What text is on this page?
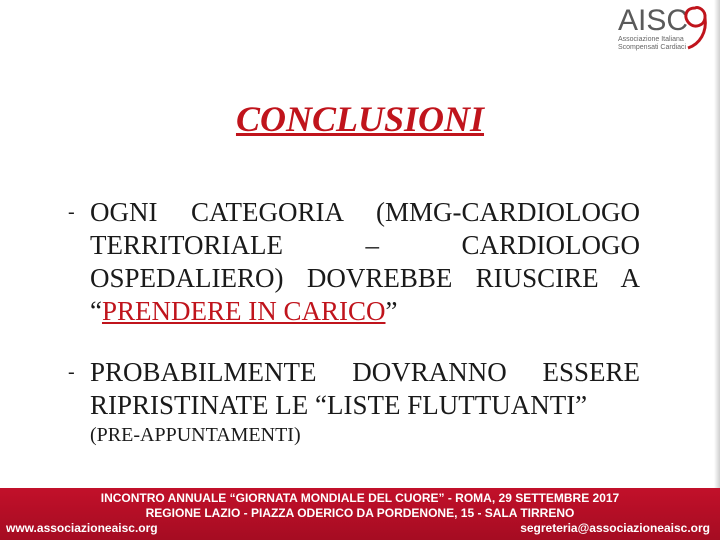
AISC
Associazione Italiana Scompensati Cardiaci
CONCLUSIONI
- OGNI CATEGORIA (MMG-CARDIOLOGO TERRITORIALE – CARDIOLOGO OSPEDALIERO) DOVREBBE RIUSCIRE A “PRENDERE IN CARICO”
- PROBABILMENTE DOVRANNO ESSERE RIPRISTINATE LE “LISTE FLUTTUANTI”
(PRE-APPUNTAMENTI)
INCONTRO ANNUALE “GIORNATA MONDIALE DEL CUORE” - ROMA, 29 SETTEMBRE 2017
REGIONE LAZIO - PIAZZA ODERICO DA PORDENONE, 15 - SALA TIRRENO
www.associazioneaisc.org	segreteria@associazioneaisc.org
